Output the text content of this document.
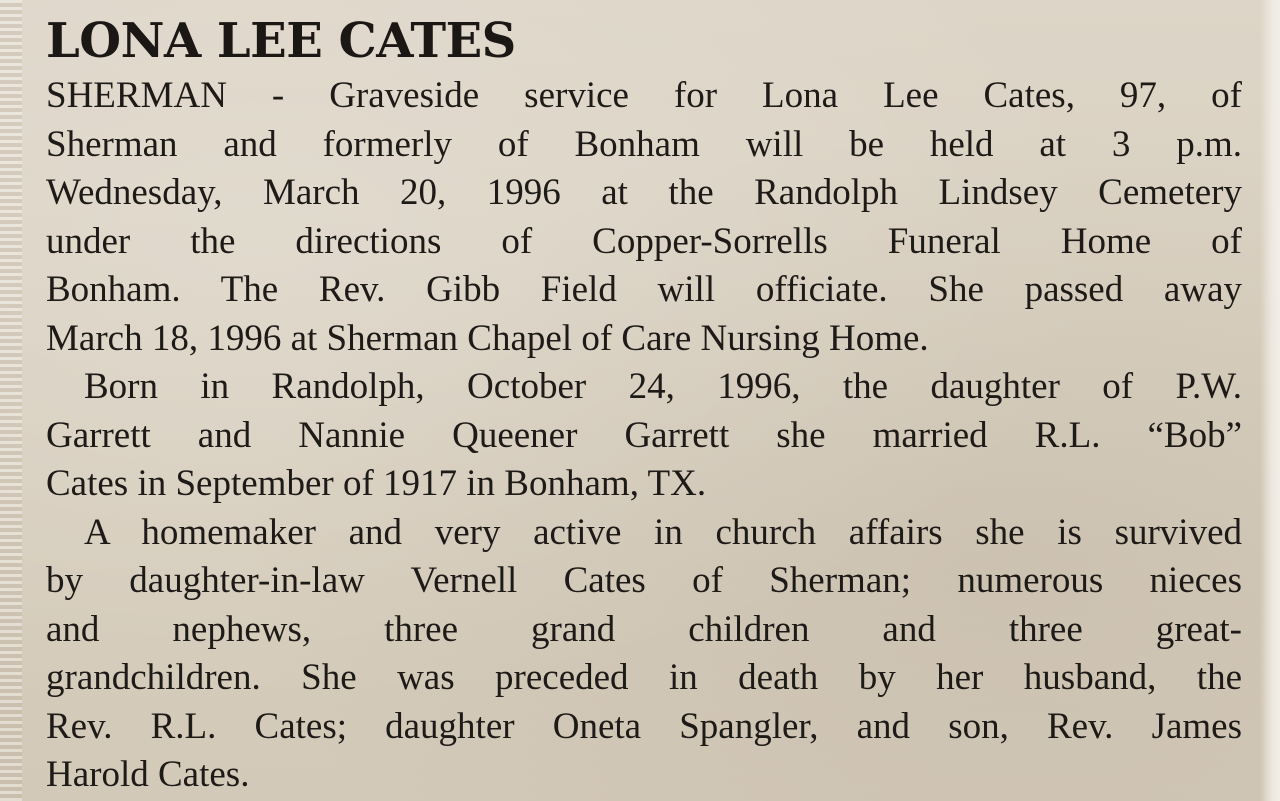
LONA LEE CATES
SHERMAN - Graveside service for Lona Lee Cates, 97, of
Sherman and formerly of Bonham will be held at 3 p.m.
Wednesday, March 20, 1996 at the Randolph Lindsey Cemetery
under the directions of Copper-Sorrells Funeral Home of
Bonham. The Rev. Gibb Field will officiate. She passed away
March 18, 1996 at Sherman Chapel of Care Nursing Home.
Born in Randolph, October 24, 1996, the daughter of P.W.
Garrett and Nannie Queener Garrett she married R.L. “Bob”
Cates in September of 1917 in Bonham, TX.
A homemaker and very active in church affairs she is survived
by daughter-in-law Vernell Cates of Sherman; numerous nieces
and nephews, three grand children and three great-
grandchildren. She was preceded in death by her husband, the
Rev. R.L. Cates; daughter Oneta Spangler, and son, Rev. James
Harold Cates.
